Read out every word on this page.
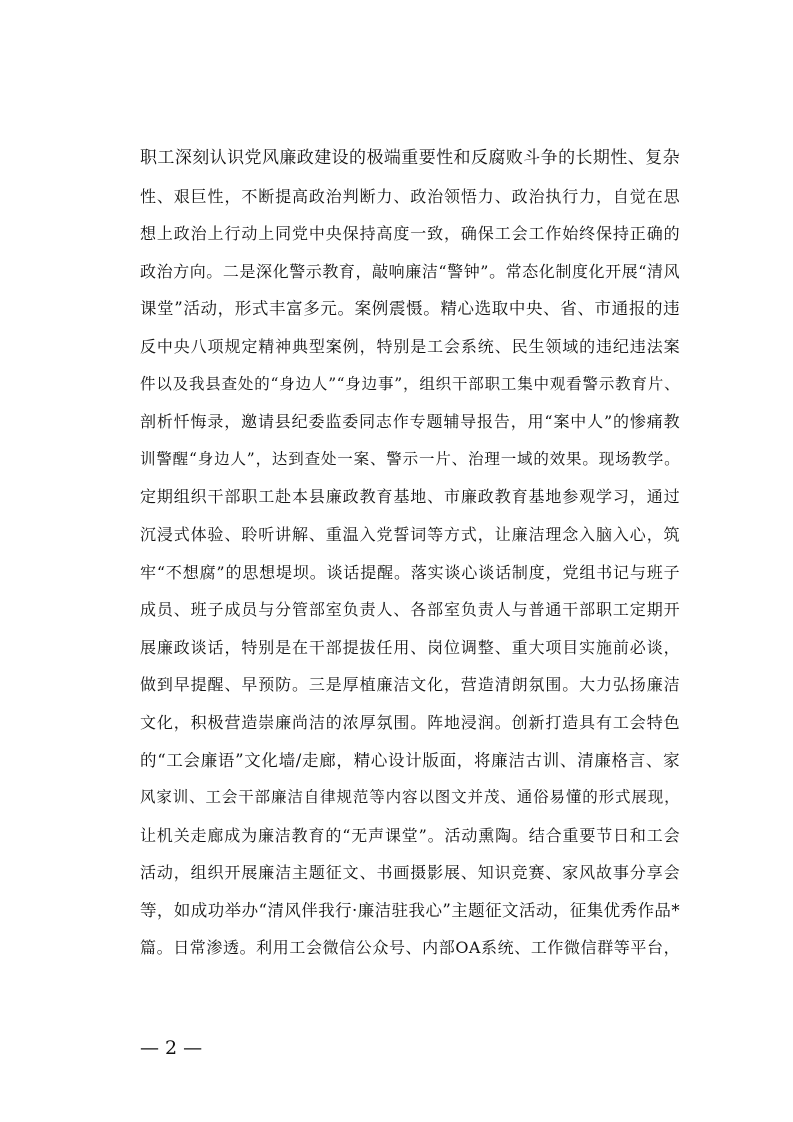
职工深刻认识党风廉政建设的极端重要性和反腐败斗争的长期性、复杂
性、艰巨性，不断提高政治判断力、政治领悟力、政治执行力，自觉在思
想上政治上行动上同党中央保持高度一致，确保工会工作始终保持正确的
政治方向。二是深化警示教育，敲响廉洁“警钟”。常态化制度化开展“清风
课堂”活动，形式丰富多元。案例震慑。精心选取中央、省、市通报的违
反中央八项规定精神典型案例，特别是工会系统、民生领域的违纪违法案
件以及我县查处的“身边人”“身边事”，组织干部职工集中观看警示教育片、
剖析忏悔录，邀请县纪委监委同志作专题辅导报告，用“案中人”的惨痛教
训警醒“身边人”，达到查处一案、警示一片、治理一域的效果。现场教学。
定期组织干部职工赴本县廉政教育基地、市廉政教育基地参观学习，通过
沉浸式体验、聆听讲解、重温入党誓词等方式，让廉洁理念入脑入心，筑
牢“不想腐”的思想堤坝。谈话提醒。落实谈心谈话制度，党组书记与班子
成员、班子成员与分管部室负责人、各部室负责人与普通干部职工定期开
展廉政谈话，特别是在干部提拔任用、岗位调整、重大项目实施前必谈，
做到早提醒、早预防。三是厚植廉洁文化，营造清朗氛围。大力弘扬廉洁
文化，积极营造崇廉尚洁的浓厚氛围。阵地浸润。创新打造具有工会特色
的“工会廉语”文化墙/走廊，精心设计版面，将廉洁古训、清廉格言、家
风家训、工会干部廉洁自律规范等内容以图文并茂、通俗易懂的形式展现，
让机关走廊成为廉洁教育的“无声课堂”。活动熏陶。结合重要节日和工会
活动，组织开展廉洁主题征文、书画摄影展、知识竞赛、家风故事分享会
等，如成功举办“清风伴我行·廉洁驻我心”主题征文活动，征集优秀作品*
篇。日常渗透。利用工会微信公众号、内部OA系统、工作微信群等平台，
— 2 —
